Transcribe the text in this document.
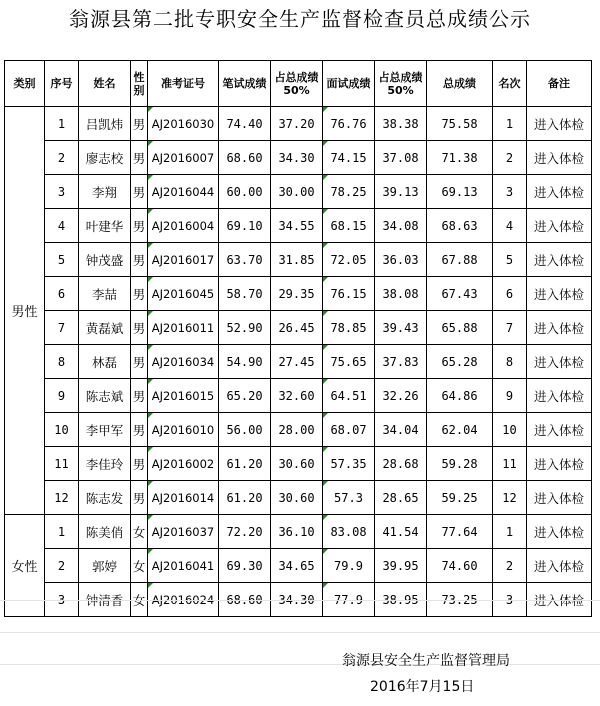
翁源县第二批专职安全生产监督检查员总成绩公示
类别	序号	姓名	性别	准考证号	笔试成绩	占总成绩50%	面试成绩	占总成绩50%	总成绩	名次	备注
男性	1	吕凯炜	男	AJ2016030	74.40	37.20	76.76	38.38	75.58	1	进入体检
	2	廖志校	男	AJ2016007	68.60	34.30	74.15	37.08	71.38	2	进入体检
	3	李翔	男	AJ2016044	60.00	30.00	78.25	39.13	69.13	3	进入体检
	4	叶建华	男	AJ2016004	69.10	34.55	68.15	34.08	68.63	4	进入体检
	5	钟茂盛	男	AJ2016017	63.70	31.85	72.05	36.03	67.88	5	进入体检
	6	李喆	男	AJ2016045	58.70	29.35	76.15	38.08	67.43	6	进入体检
	7	黄磊斌	男	AJ2016011	52.90	26.45	78.85	39.43	65.88	7	进入体检
	8	林磊	男	AJ2016034	54.90	27.45	75.65	37.83	65.28	8	进入体检
	9	陈志斌	男	AJ2016015	65.20	32.60	64.51	32.26	64.86	9	进入体检
	10	李甲军	男	AJ2016010	56.00	28.00	68.07	34.04	62.04	10	进入体检
	11	李佳玲	男	AJ2016002	61.20	30.60	57.35	28.68	59.28	11	进入体检
	12	陈志发	男	AJ2016014	61.20	30.60	57.3	28.65	59.25	12	进入体检
女性	1	陈美俏	女	AJ2016037	72.20	36.10	83.08	41.54	77.64	1	进入体检
	2	郭婷	女	AJ2016041	69.30	34.65	79.9	39.95	74.60	2	进入体检
	3	钟清香	女	AJ2016024	68.60	34.30	77.9	38.95	73.25	3	进入体检
翁源县安全生产监督管理局
2016年7月15日
